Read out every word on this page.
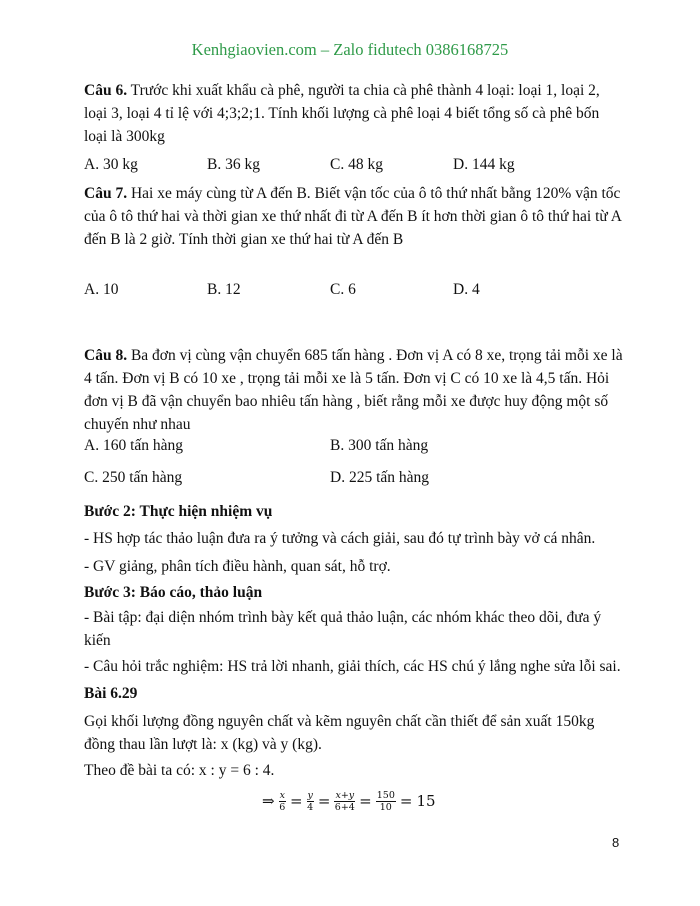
Kenhgiaovien.com – Zalo fidutech 0386168725
Câu 6. Trước khi xuất khẩu cà phê, người ta chia cà phê thành 4 loại: loại 1, loại 2, loại 3, loại 4 tỉ lệ với 4;3;2;1. Tính khối lượng cà phê loại 4 biết tổng số cà phê bốn loại là 300kg
A. 30 kg	B. 36 kg	C. 48 kg	D. 144 kg
Câu 7. Hai xe máy cùng từ A đến B. Biết vận tốc của ô tô thứ nhất bằng 120% vận tốc của ô tô thứ hai và thời gian xe thứ nhất đi từ A đến B ít hơn thời gian ô tô thứ hai từ A đến B là 2 giờ. Tính thời gian xe thứ hai từ A đến B
A. 10	B. 12	C. 6	D. 4
Câu 8. Ba đơn vị cùng vận chuyển 685 tấn hàng . Đơn vị A có 8 xe, trọng tải mỗi xe là 4 tấn. Đơn vị B có 10 xe , trọng tải mỗi xe là 5 tấn. Đơn vị C có 10 xe là 4,5 tấn. Hỏi đơn vị B đã vận chuyển bao nhiêu tấn hàng , biết rằng mỗi xe được huy động một số chuyến như nhau
A. 160 tấn hàng	B. 300 tấn hàng
C. 250 tấn hàng	D. 225 tấn hàng
Bước 2: Thực hiện nhiệm vụ
- HS hợp tác thảo luận đưa ra ý tưởng và cách giải, sau đó tự trình bày vở cá nhân.
- GV giảng, phân tích điều hành, quan sát, hỗ trợ.
Bước 3: Báo cáo, thảo luận
- Bài tập: đại diện nhóm trình bày kết quả thảo luận, các nhóm khác theo dõi, đưa ý kiến
- Câu hỏi trắc nghiệm: HS trả lời nhanh, giải thích, các HS chú ý lắng nghe sửa lỗi sai.
Bài 6.29
Gọi khối lượng đồng nguyên chất và kẽm nguyên chất cần thiết để sản xuất 150kg đồng thau lần lượt là: x (kg) và y (kg).
Theo đề bài ta có: x : y = 6 : 4.
⇒ $\frac{x}{6} = \frac{y}{4} = \frac{x+y}{6+4} = \frac{150}{10} = 15$
8
